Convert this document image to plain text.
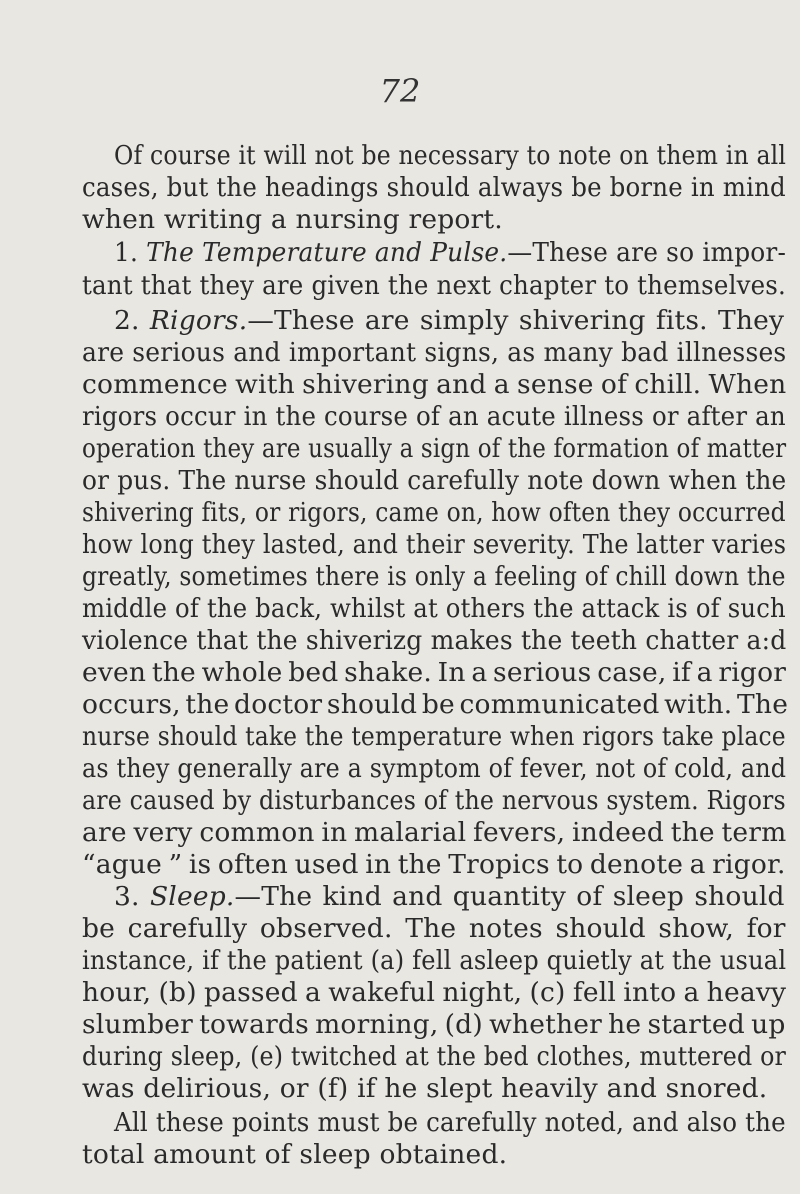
72
Of course it will not be necessary to note on them in all
cases, but the headings should always be borne in mind
when writing a nursing report.
1. The Temperature and Pulse.—These are so impor-
tant that they are given the next chapter to themselves.
2. Rigors.—These are simply shivering fits. They
are serious and important signs, as many bad illnesses
commence with shivering and a sense of chill. When
rigors occur in the course of an acute illness or after an
operation they are usually a sign of the formation of matter
or pus. The nurse should carefully note down when the
shivering fits, or rigors, came on, how often they occurred
how long they lasted, and their severity. The latter varies
greatly, sometimes there is only a feeling of chill down the
middle of the back, whilst at others the attack is of such
violence that the shiverizg makes the teeth chatter a:d
even the whole bed shake. In a serious case, if a rigor
occurs, the doctor should be communicated with. The
nurse should take the temperature when rigors take place
as they generally are a symptom of fever, not of cold, and
are caused by disturbances of the nervous system. Rigors
are very common in malarial fevers, indeed the term
“ague ” is often used in the Tropics to denote a rigor.
3. Sleep.—The kind and quantity of sleep should
be carefully observed. The notes should show, for
instance, if the patient (a) fell asleep quietly at the usual
hour, (b) passed a wakeful night, (c) fell into a heavy
slumber towards morning, (d) whether he started up
during sleep, (e) twitched at the bed clothes, muttered or
was delirious, or (f) if he slept heavily and snored.
All these points must be carefully noted, and also the
total amount of sleep obtained.
